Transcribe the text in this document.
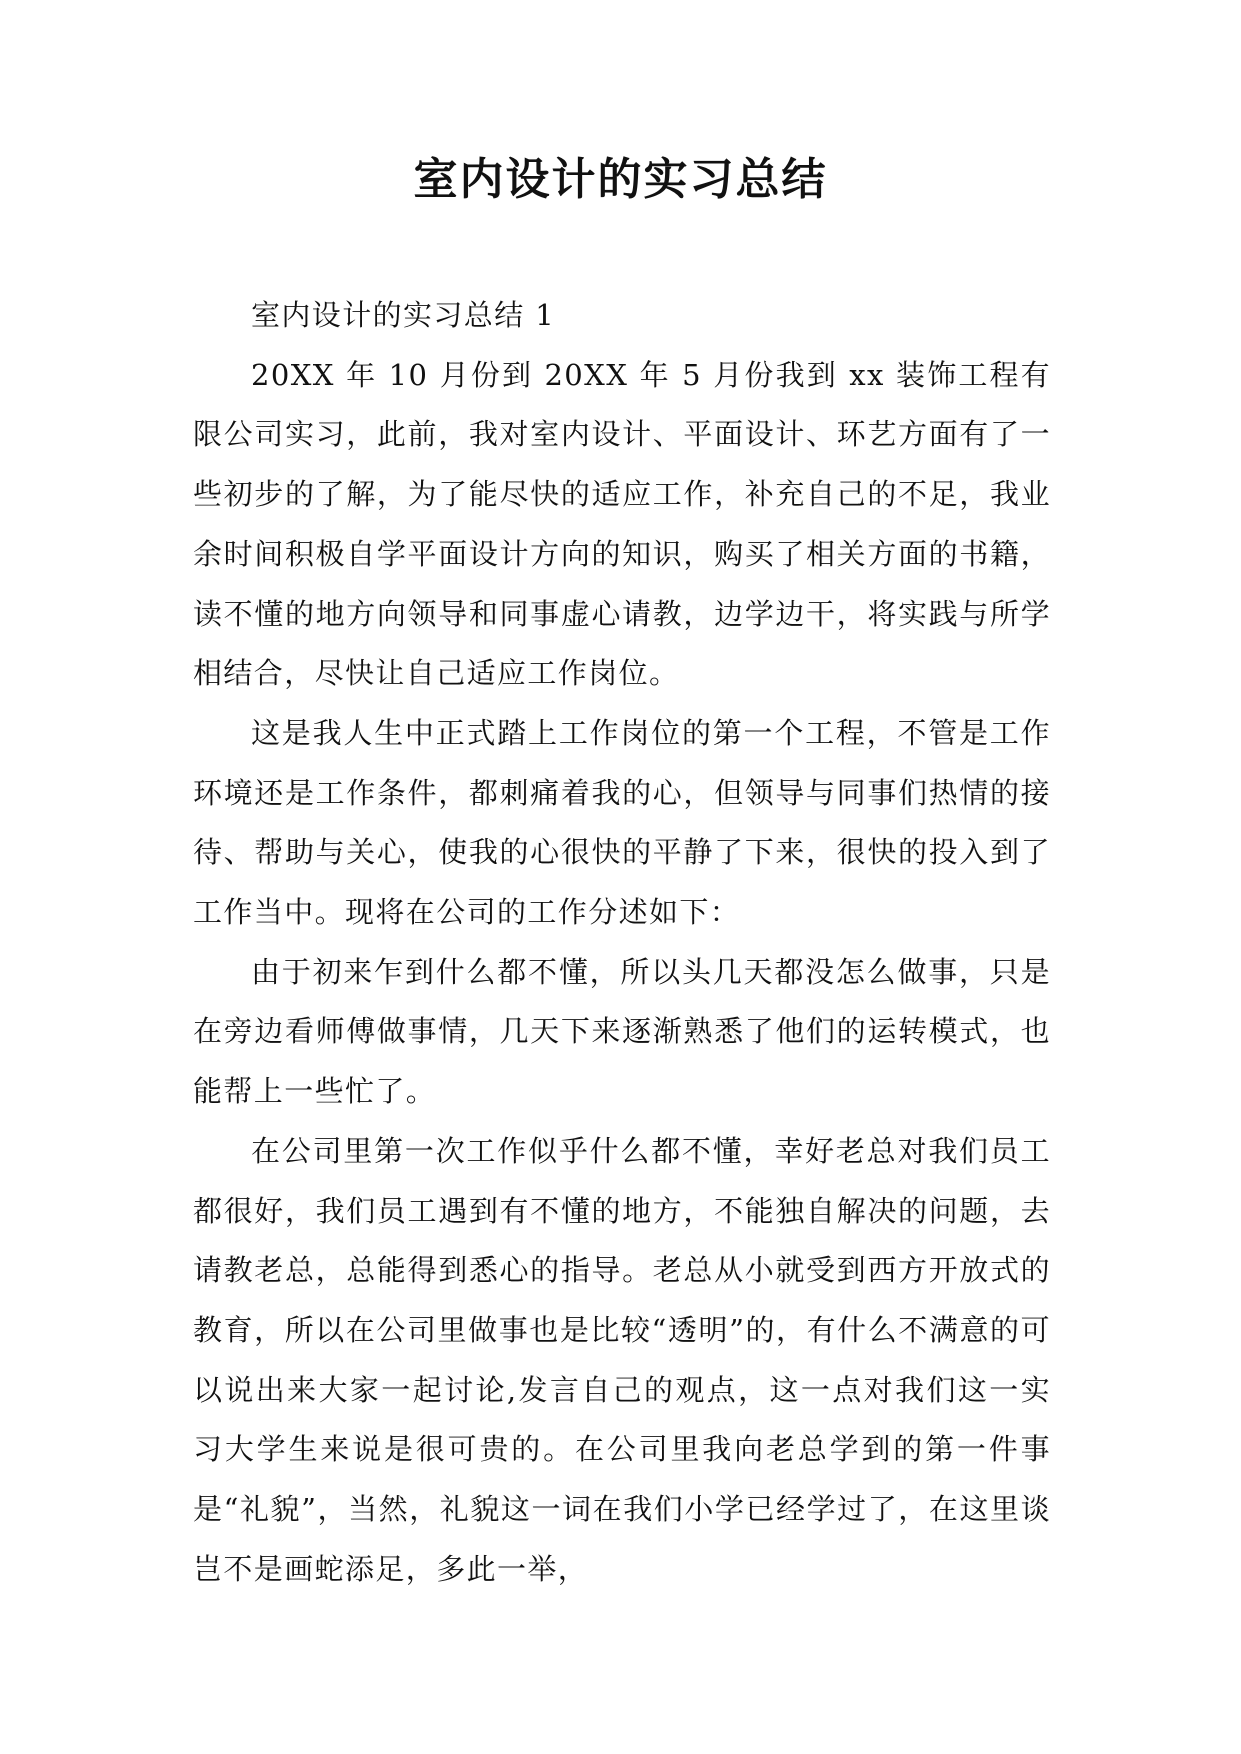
室内设计的实习总结

室内设计的实习总结 1

20XX 年 10 月份到 20XX 年 5 月份我到 xx 装饰工程有限公司实习，此前，我对室内设计、平面设计、环艺方面有了一些初步的了解，为了能尽快的适应工作，补充自己的不足，我业余时间积极自学平面设计方向的知识，购买了相关方面的书籍，读不懂的地方向领导和同事虚心请教，边学边干，将实践与所学相结合，尽快让自己适应工作岗位。

这是我人生中正式踏上工作岗位的第一个工程，不管是工作环境还是工作条件，都刺痛着我的心，但领导与同事们热情的接待、帮助与关心，使我的心很快的平静了下来，很快的投入到了工作当中。现将在公司的工作分述如下：

由于初来乍到什么都不懂，所以头几天都没怎么做事，只是在旁边看师傅做事情，几天下来逐渐熟悉了他们的运转模式，也能帮上一些忙了。

在公司里第一次工作似乎什么都不懂，幸好老总对我们员工都很好，我们员工遇到有不懂的地方，不能独自解决的问题，去请教老总，总能得到悉心的指导。老总从小就受到西方开放式的教育，所以在公司里做事也是比较“透明”的，有什么不满意的可以说出来大家一起讨论,发言自己的观点，这一点对我们这一实习大学生来说是很可贵的。在公司里我向老总学到的第一件事是“礼貌”，当然，礼貌这一词在我们小学已经学过了，在这里谈岂不是画蛇添足，多此一举，
